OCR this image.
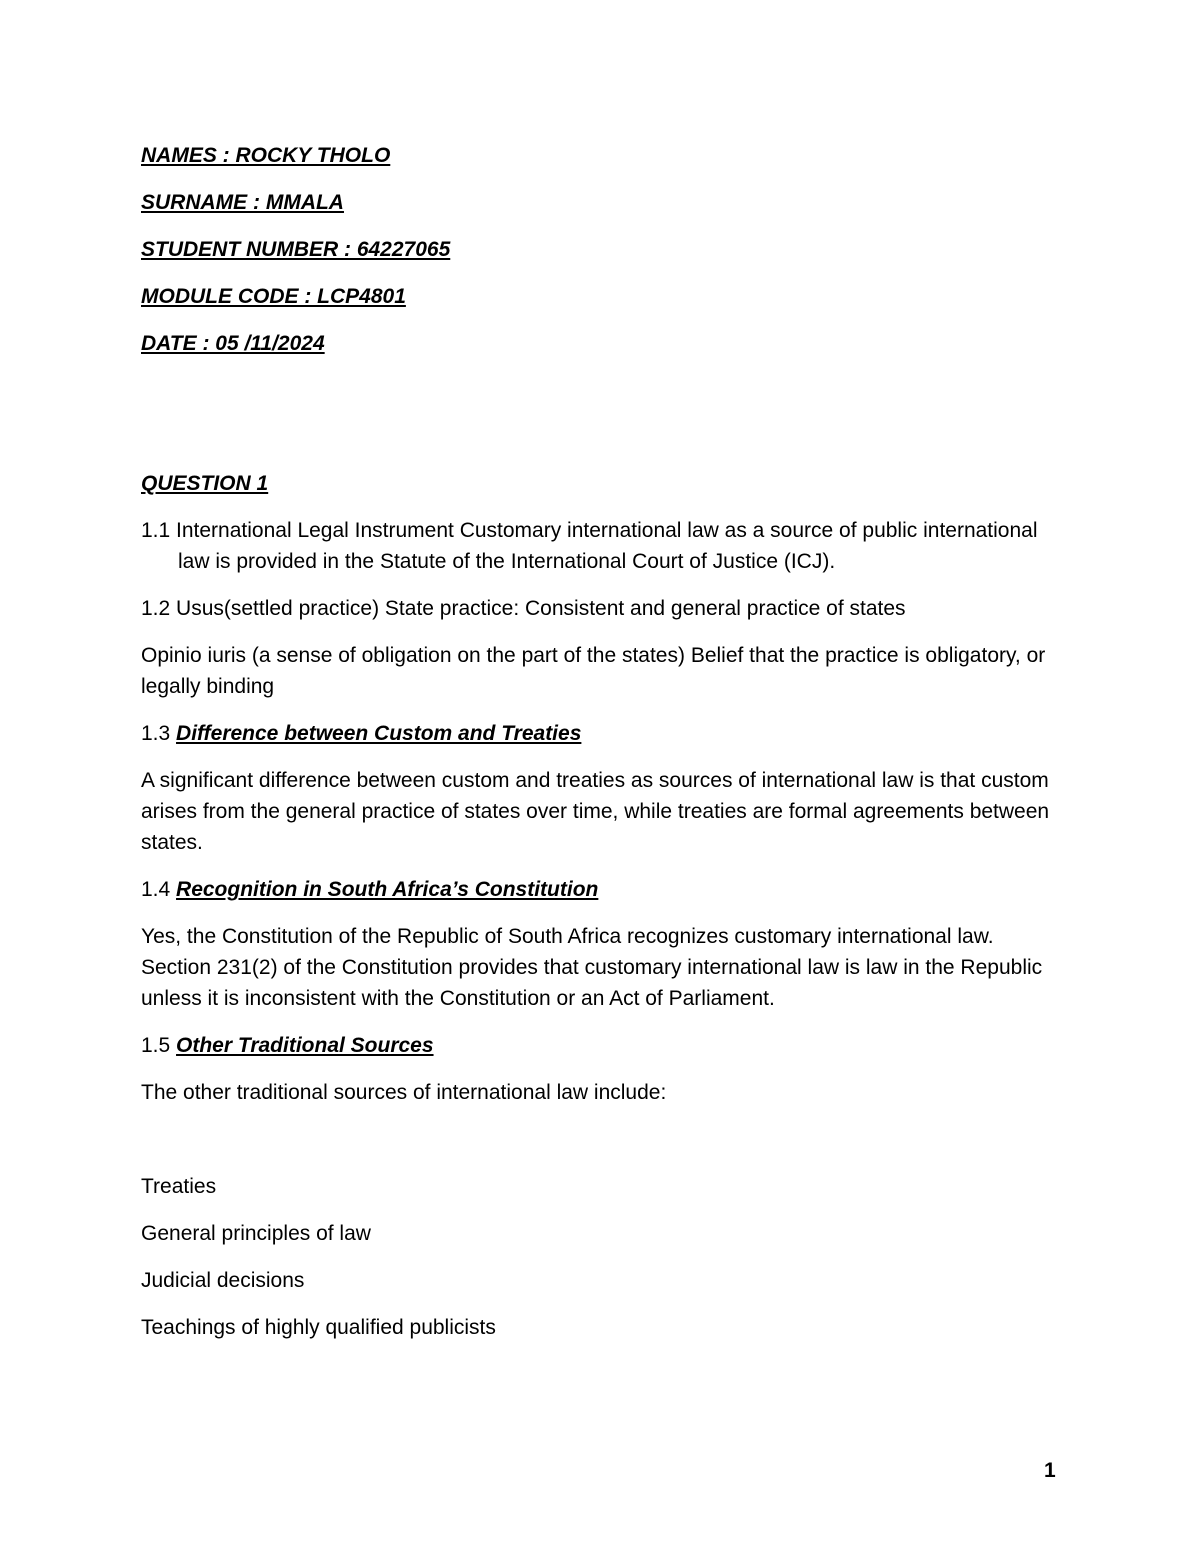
NAMES : ROCKY THOLO
SURNAME : MMALA
STUDENT NUMBER : 64227065
MODULE CODE : LCP4801
DATE : 05 /11/2024
QUESTION 1
1.1 International Legal Instrument Customary international law as a source of public international law is provided in the Statute of the International Court of Justice (ICJ).
1.2 Usus(settled practice) State practice: Consistent and general practice of states
Opinio iuris (a sense of obligation on the part of the states) Belief that the practice is obligatory, or legally binding
1.3 Difference between Custom and Treaties
A significant difference between custom and treaties as sources of international law is that custom arises from the general practice of states over time, while treaties are formal agreements between states.
1.4 Recognition in South Africa’s Constitution
Yes, the Constitution of the Republic of South Africa recognizes customary international law. Section 231(2) of the Constitution provides that customary international law is law in the Republic unless it is inconsistent with the Constitution or an Act of Parliament.
1.5 Other Traditional Sources
The other traditional sources of international law include:
Treaties
General principles of law
Judicial decisions
Teachings of highly qualified publicists
1
